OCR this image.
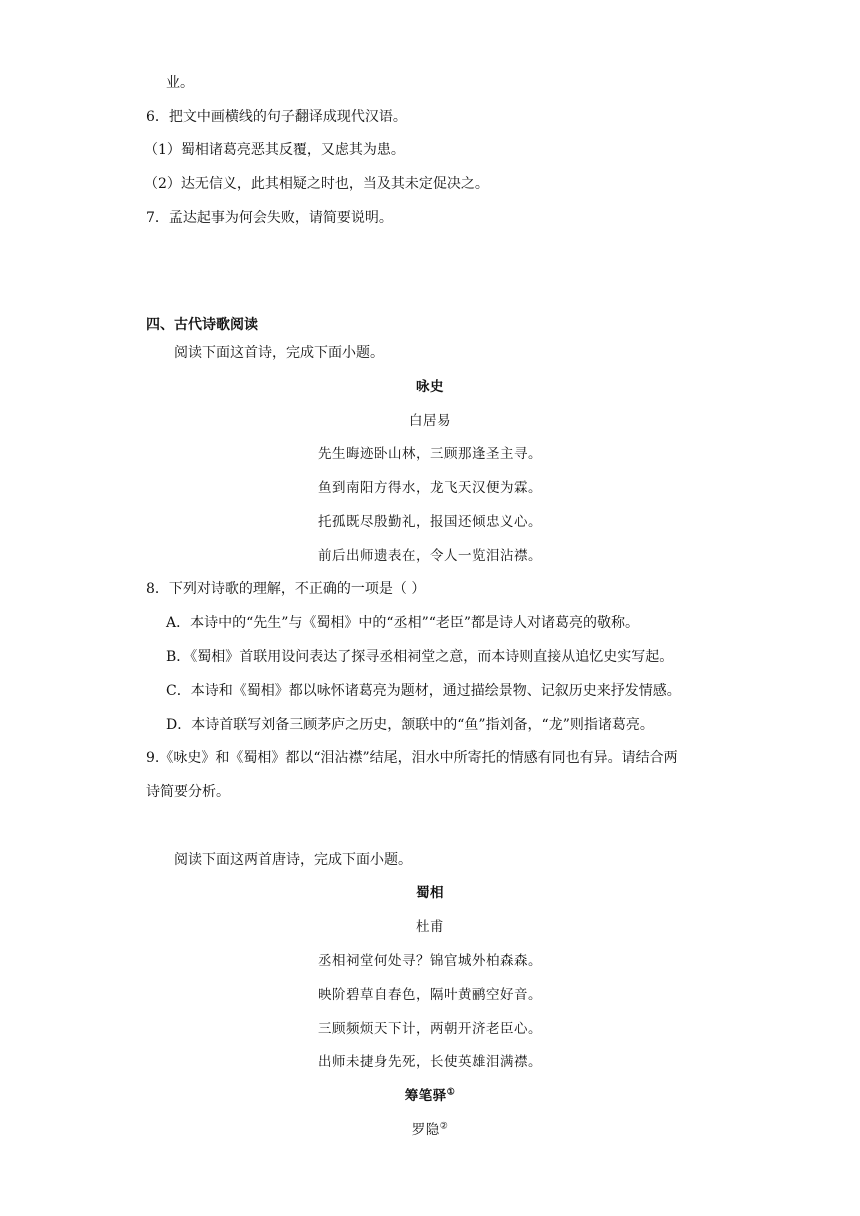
业。
6．把文中画横线的句子翻译成现代汉语。
（1）蜀相诸葛亮恶其反覆，又虑其为患。
（2）达无信义，此其相疑之时也，当及其未定促决之。
7．孟达起事为何会失败，请简要说明。
四、古代诗歌阅读
阅读下面这首诗，完成下面小题。
咏史
白居易
先生晦迹卧山林，三顾那逢圣主寻。
鱼到南阳方得水，龙飞天汉便为霖。
托孤既尽殷勤礼，报国还倾忠义心。
前后出师遗表在，令人一览泪沾襟。
8．下列对诗歌的理解，不正确的一项是（ ）
A．本诗中的“先生”与《蜀相》中的“丞相”“老臣”都是诗人对诸葛亮的敬称。
B．《蜀相》首联用设问表达了探寻丞相祠堂之意，而本诗则直接从追忆史实写起。
C．本诗和《蜀相》都以咏怀诸葛亮为题材，通过描绘景物、记叙历史来抒发情感。
D．本诗首联写刘备三顾茅庐之历史，颔联中的“鱼”指刘备，“龙”则指诸葛亮。
9.《咏史》和《蜀相》都以“泪沾襟”结尾，泪水中所寄托的情感有同也有异。请结合两
诗简要分析。
阅读下面这两首唐诗，完成下面小题。
蜀相
杜甫
丞相祠堂何处寻？锦官城外柏森森。
映阶碧草自春色，隔叶黄鹂空好音。
三顾频烦天下计，两朝开济老臣心。
出师未捷身先死，长使英雄泪满襟。
筹笔驿①
罗隐②
